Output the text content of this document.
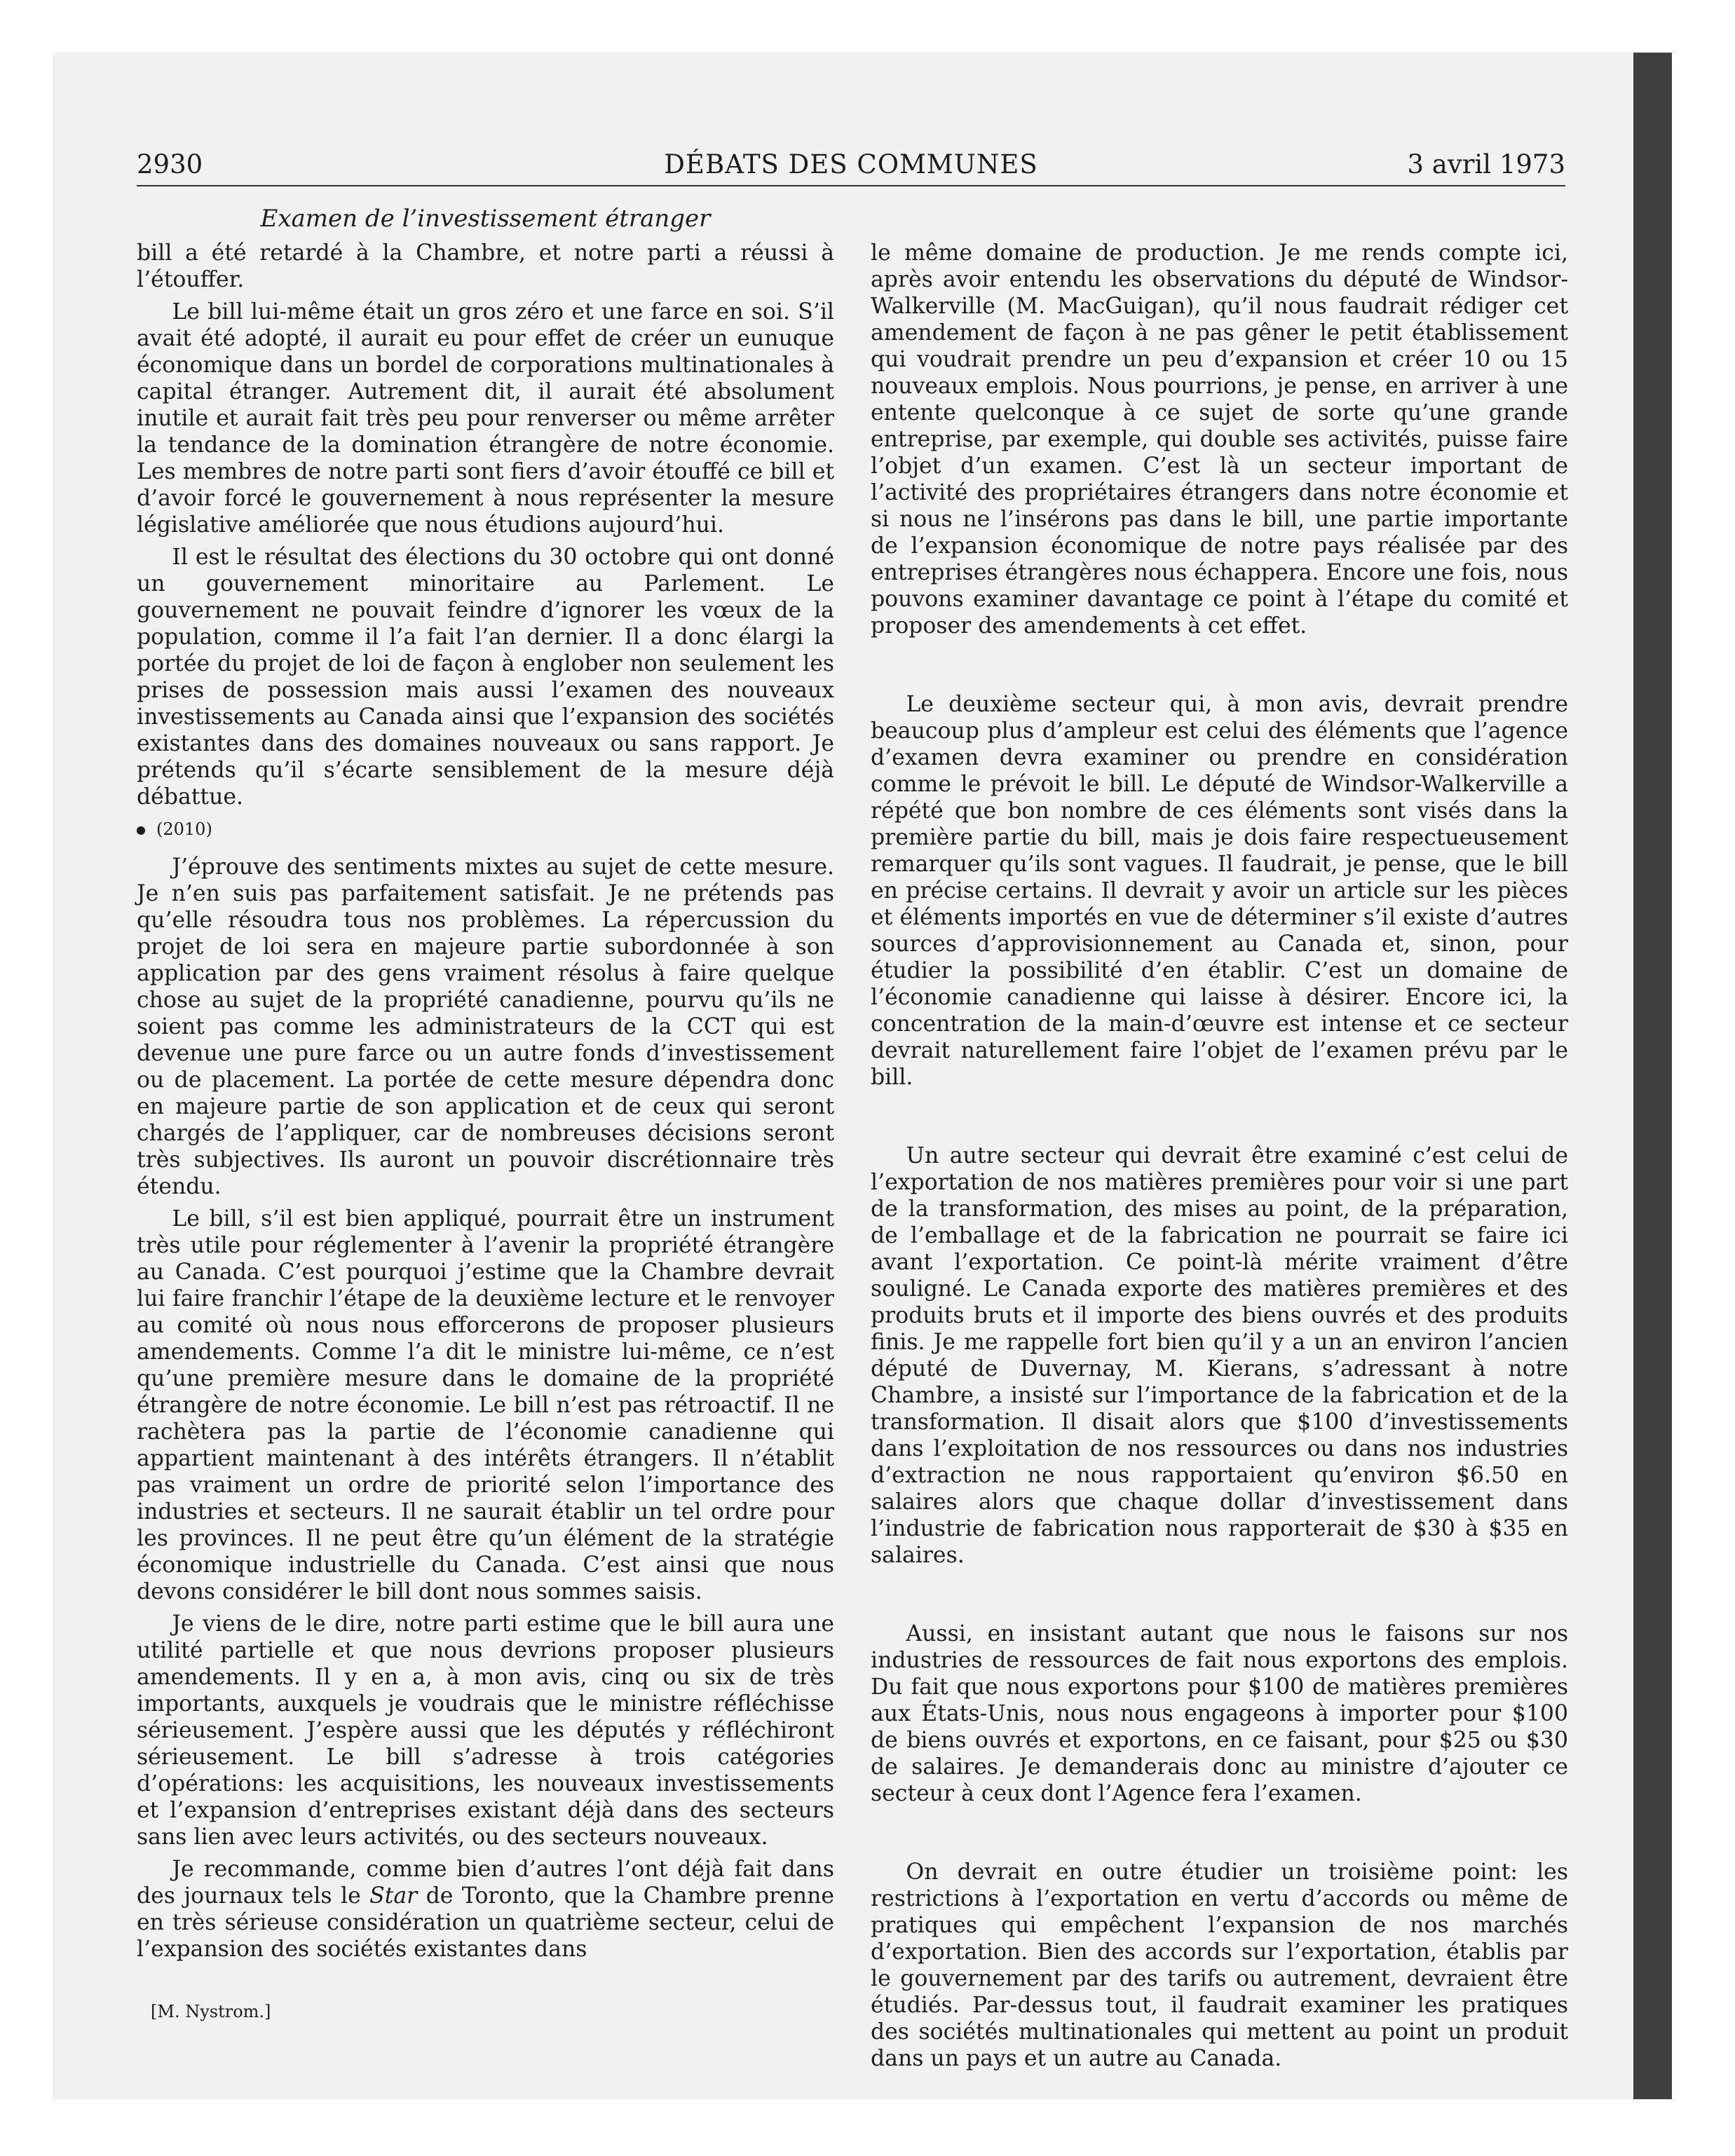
2930	DÉBATS DES COMMUNES	3 avril 1973
Examen de l’investissement étranger

bill a été retardé à la Chambre, et notre parti a réussi à l’étouffer.

Le bill lui-même était un gros zéro et une farce en soi. S’il avait été adopté, il aurait eu pour effet de créer un eunuque économique dans un bordel de corporations multinationales à capital étranger. Autrement dit, il aurait été absolument inutile et aurait fait très peu pour renverser ou même arrêter la tendance de la domination étrangère de notre économie. Les membres de notre parti sont fiers d’avoir étouffé ce bill et d’avoir forcé le gouvernement à nous représenter la mesure législative améliorée que nous étudions aujourd’hui.

Il est le résultat des élections du 30 octobre qui ont donné un gouvernement minoritaire au Parlement. Le gouvernement ne pouvait feindre d’ignorer les vœux de la population, comme il l’a fait l’an dernier. Il a donc élargi la portée du projet de loi de façon à englober non seulement les prises de possession mais aussi l’examen des nouveaux investissements au Canada ainsi que l’expansion des sociétés existantes dans des domaines nouveaux ou sans rapport. Je prétends qu’il s’écarte sensiblement de la mesure déjà débattue.

(2010)

J’éprouve des sentiments mixtes au sujet de cette mesure. Je n’en suis pas parfaitement satisfait. Je ne prétends pas qu’elle résoudra tous nos problèmes. La répercussion du projet de loi sera en majeure partie subordonnée à son application par des gens vraiment résolus à faire quelque chose au sujet de la propriété canadienne, pourvu qu’ils ne soient pas comme les administrateurs de la CCT qui est devenue une pure farce ou un autre fonds d’investissement ou de placement. La portée de cette mesure dépendra donc en majeure partie de son application et de ceux qui seront chargés de l’appliquer, car de nombreuses décisions seront très subjectives. Ils auront un pouvoir discrétionnaire très étendu.

Le bill, s’il est bien appliqué, pourrait être un instrument très utile pour réglementer à l’avenir la propriété étrangère au Canada. C’est pourquoi j’estime que la Chambre devrait lui faire franchir l’étape de la deuxième lecture et le renvoyer au comité où nous nous efforcerons de proposer plusieurs amendements. Comme l’a dit le ministre lui-même, ce n’est qu’une première mesure dans le domaine de la propriété étrangère de notre économie. Le bill n’est pas rétroactif. Il ne rachètera pas la partie de l’économie canadienne qui appartient maintenant à des intérêts étrangers. Il n’établit pas vraiment un ordre de priorité selon l’importance des industries et secteurs. Il ne saurait établir un tel ordre pour les provinces. Il ne peut être qu’un élément de la stratégie économique industrielle du Canada. C’est ainsi que nous devons considérer le bill dont nous sommes saisis.

Je viens de le dire, notre parti estime que le bill aura une utilité partielle et que nous devrions proposer plusieurs amendements. Il y en a, à mon avis, cinq ou six de très importants, auxquels je voudrais que le ministre réfléchisse sérieusement. J’espère aussi que les députés y réfléchiront sérieusement. Le bill s’adresse à trois catégories d’opérations: les acquisitions, les nouveaux investissements et l’expansion d’entreprises existant déjà dans des secteurs sans lien avec leurs activités, ou des secteurs nouveaux.

Je recommande, comme bien d’autres l’ont déjà fait dans des journaux tels le Star de Toronto, que la Chambre prenne en très sérieuse considération un quatrième secteur, celui de l’expansion des sociétés existantes dans

le même domaine de production. Je me rends compte ici, après avoir entendu les observations du député de Windsor-Walkerville (M. MacGuigan), qu’il nous faudrait rédiger cet amendement de façon à ne pas gêner le petit établissement qui voudrait prendre un peu d’expansion et créer 10 ou 15 nouveaux emplois. Nous pourrions, je pense, en arriver à une entente quelconque à ce sujet de sorte qu’une grande entreprise, par exemple, qui double ses activités, puisse faire l’objet d’un examen. C’est là un secteur important de l’activité des propriétaires étrangers dans notre économie et si nous ne l’insérons pas dans le bill, une partie importante de l’expansion économique de notre pays réalisée par des entreprises étrangères nous échappera. Encore une fois, nous pouvons examiner davantage ce point à l’étape du comité et proposer des amendements à cet effet.

Le deuxième secteur qui, à mon avis, devrait prendre beaucoup plus d’ampleur est celui des éléments que l’agence d’examen devra examiner ou prendre en considération comme le prévoit le bill. Le député de Windsor-Walkerville a répété que bon nombre de ces éléments sont visés dans la première partie du bill, mais je dois faire respectueusement remarquer qu’ils sont vagues. Il faudrait, je pense, que le bill en précise certains. Il devrait y avoir un article sur les pièces et éléments importés en vue de déterminer s’il existe d’autres sources d’approvisionnement au Canada et, sinon, pour étudier la possibilité d’en établir. C’est un domaine de l’économie canadienne qui laisse à désirer. Encore ici, la concentration de la main-d’œuvre est intense et ce secteur devrait naturellement faire l’objet de l’examen prévu par le bill.

Un autre secteur qui devrait être examiné c’est celui de l’exportation de nos matières premières pour voir si une part de la transformation, des mises au point, de la préparation, de l’emballage et de la fabrication ne pourrait se faire ici avant l’exportation. Ce point-là mérite vraiment d’être souligné. Le Canada exporte des matières premières et des produits bruts et il importe des biens ouvrés et des produits finis. Je me rappelle fort bien qu’il y a un an environ l’ancien député de Duvernay, M. Kierans, s’adressant à notre Chambre, a insisté sur l’importance de la fabrication et de la transformation. Il disait alors que $100 d’investissements dans l’exploitation de nos ressources ou dans nos industries d’extraction ne nous rapportaient qu’environ $6.50 en salaires alors que chaque dollar d’investissement dans l’industrie de fabrication nous rapporterait de $30 à $35 en salaires.

Aussi, en insistant autant que nous le faisons sur nos industries de ressources de fait nous exportons des emplois. Du fait que nous exportons pour $100 de matières premières aux États-Unis, nous nous engageons à importer pour $100 de biens ouvrés et exportons, en ce faisant, pour $25 ou $30 de salaires. Je demanderais donc au ministre d’ajouter ce secteur à ceux dont l’Agence fera l’examen.

On devrait en outre étudier un troisième point: les restrictions à l’exportation en vertu d’accords ou même de pratiques qui empêchent l’expansion de nos marchés d’exportation. Bien des accords sur l’exportation, établis par le gouvernement par des tarifs ou autrement, devraient être étudiés. Par-dessus tout, il faudrait examiner les pratiques des sociétés multinationales qui mettent au point un produit dans un pays et un autre au Canada.

[M. Nystrom.]
